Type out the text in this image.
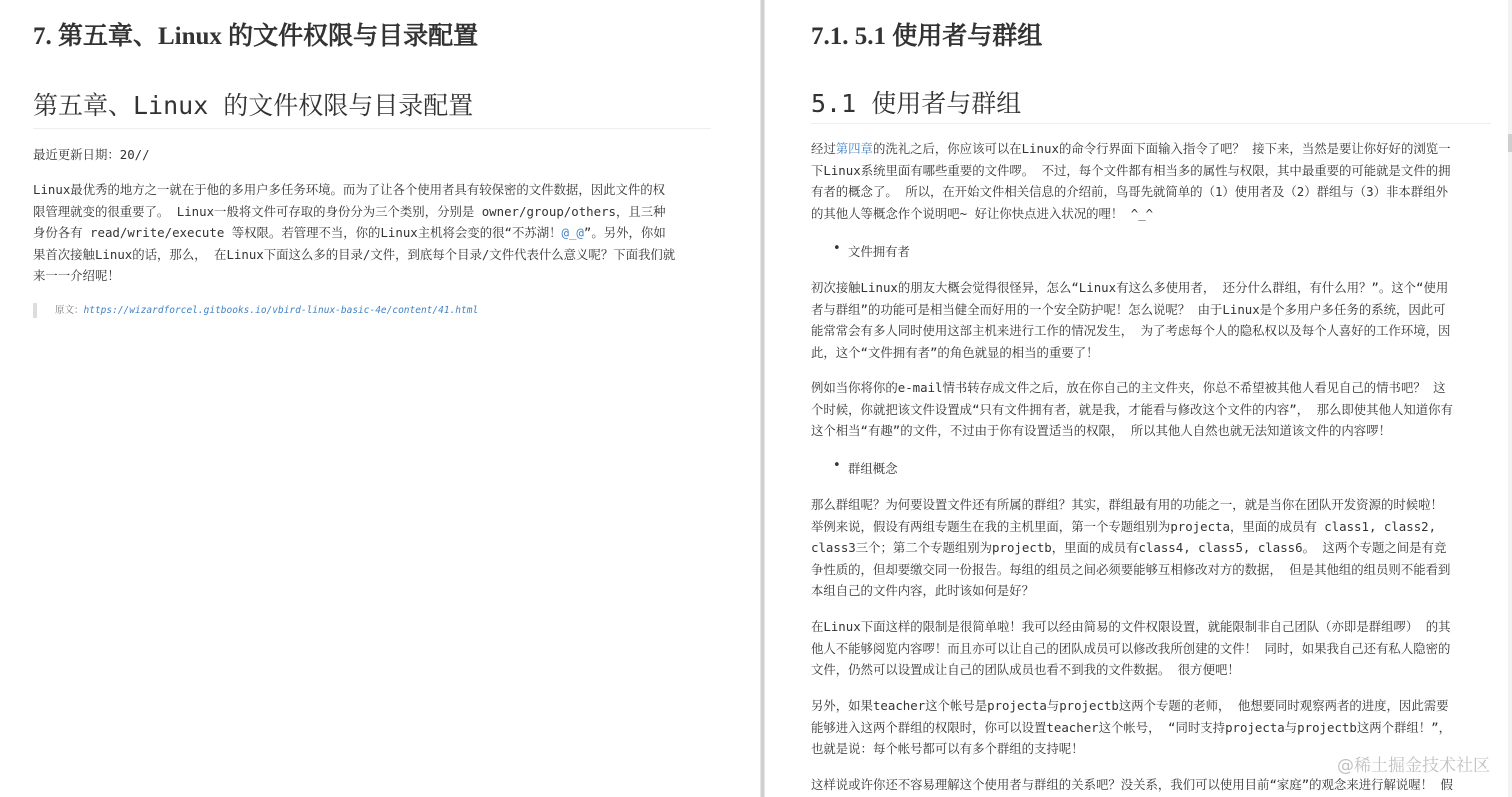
7. 第五章、Linux 的文件权限与目录配置
第五章、Linux 的文件权限与目录配置

最近更新日期：20//

Linux最优秀的地方之一就在于他的多用户多任务环境。而为了让各个使用者具有较保密的文件数据，因此文件的权
限管理就变的很重要了。 Linux一般将文件可存取的身份分为三个类别，分别是 owner/group/others，且三种
身份各有 read/write/execute 等权限。若管理不当，你的Linux主机将会变的很“不苏湖！@_@”。另外，你如
果首次接触Linux的话，那么， 在Linux下面这么多的目录/文件，到底每个目录/文件代表什么意义呢？下面我们就
来一一介绍呢！
原文：https://wizardforcel.gitbooks.io/vbird-linux-basic-4e/content/41.html
7.1. 5.1 使用者与群组
5.1 使用者与群组
经过第四章的洗礼之后，你应该可以在Linux的命令行界面下面输入指令了吧？ 接下来，当然是要让你好好的浏览一
下Linux系统里面有哪些重要的文件啰。 不过，每个文件都有相当多的属性与权限，其中最重要的可能就是文件的拥
有者的概念了。 所以，在开始文件相关信息的介绍前，鸟哥先就简单的（1）使用者及（2）群组与（3）非本群组外
的其他人等概念作个说明吧~ 好让你快点进入状况的哩！ ^_^
• 文件拥有者
初次接触Linux的朋友大概会觉得很怪异，怎么“Linux有这么多使用者， 还分什么群组，有什么用？”。这个“使用
者与群组”的功能可是相当健全而好用的一个安全防护呢！怎么说呢？ 由于Linux是个多用户多任务的系统，因此可
能常常会有多人同时使用这部主机来进行工作的情况发生， 为了考虑每个人的隐私权以及每个人喜好的工作环境，因
此，这个“文件拥有者”的角色就显的相当的重要了！
例如当你将你的e-mail情书转存成文件之后，放在你自己的主文件夹，你总不希望被其他人看见自己的情书吧？ 这
个时候，你就把该文件设置成“只有文件拥有者，就是我，才能看与修改这个文件的内容”， 那么即使其他人知道你有
这个相当“有趣”的文件，不过由于你有设置适当的权限， 所以其他人自然也就无法知道该文件的内容啰！
• 群组概念
那么群组呢？为何要设置文件还有所属的群组？其实，群组最有用的功能之一，就是当你在团队开发资源的时候啦！
举例来说，假设有两组专题生在我的主机里面，第一个专题组别为projecta，里面的成员有 class1, class2,
class3三个；第二个专题组别为projectb，里面的成员有class4, class5, class6。 这两个专题之间是有竞
争性质的，但却要缴交同一份报告。每组的组员之间必须要能够互相修改对方的数据， 但是其他组的组员则不能看到
本组自己的文件内容，此时该如何是好？
在Linux下面这样的限制是很简单啦！我可以经由简易的文件权限设置，就能限制非自己团队（亦即是群组啰） 的其
他人不能够阅览内容啰！而且亦可以让自己的团队成员可以修改我所创建的文件！ 同时，如果我自己还有私人隐密的
文件，仍然可以设置成让自己的团队成员也看不到我的文件数据。 很方便吧！
另外，如果teacher这个帐号是projecta与projectb这两个专题的老师， 他想要同时观察两者的进度，因此需要
能够进入这两个群组的权限时，你可以设置teacher这个帐号， “同时支持projecta与projectb这两个群组！”，
也就是说：每个帐号都可以有多个群组的支持呢！
这样说或许你还不容易理解这个使用者与群组的关系吧？没关系，我们可以使用目前“家庭”的观念来进行解说喔！ 假
@稀土掘金技术社区
